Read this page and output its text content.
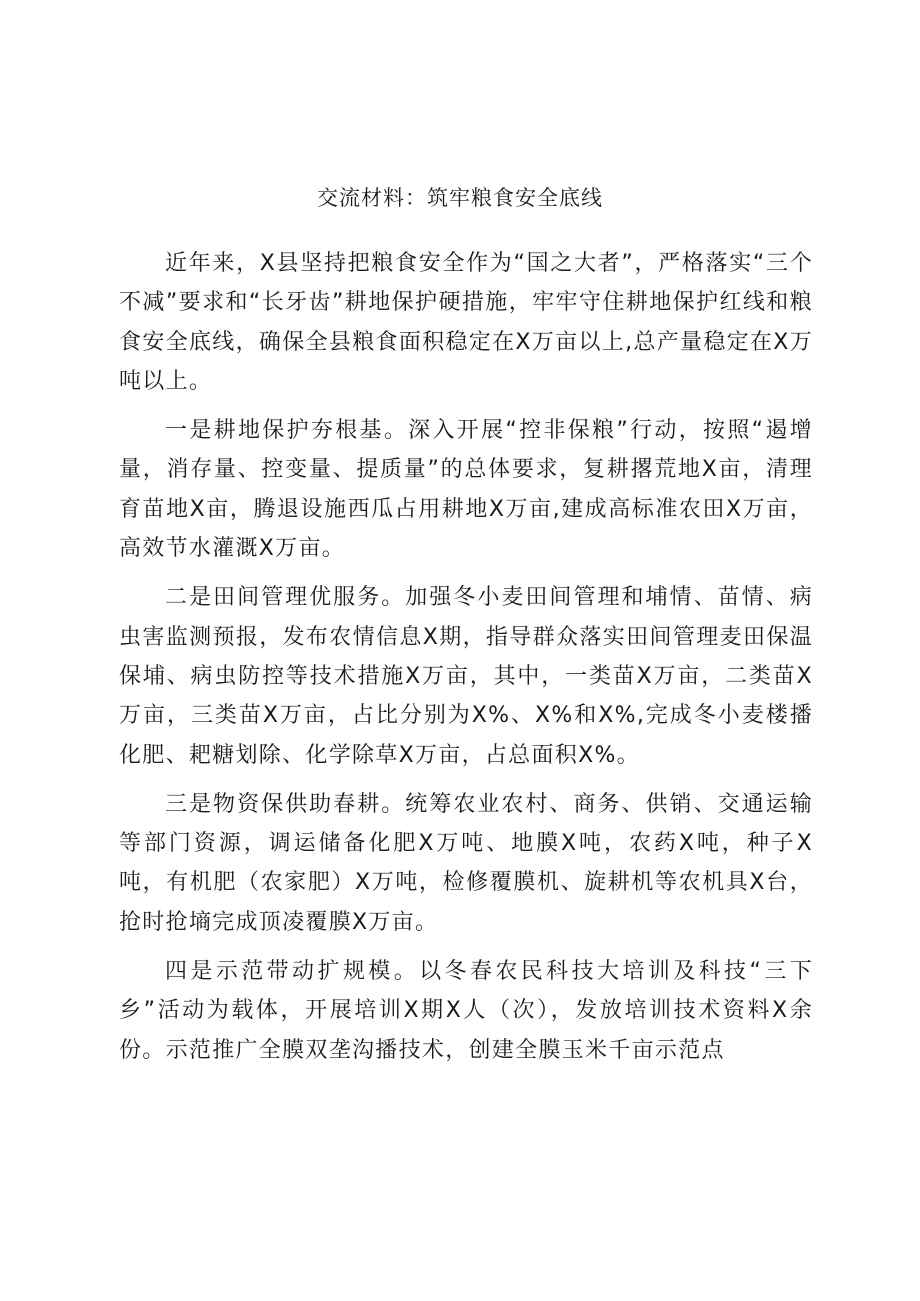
交流材料：筑牢粮食安全底线

近年来，X县坚持把粮食安全作为“国之大者”，严格落实“三个不减”要求和“长牙齿”耕地保护硬措施，牢牢守住耕地保护红线和粮食安全底线，确保全县粮食面积稳定在X万亩以上,总产量稳定在X万吨以上。

一是耕地保护夯根基。深入开展“控非保粮”行动，按照“遏增量，消存量、控变量、提质量”的总体要求，复耕撂荒地X亩，清理育苗地X亩，腾退设施西瓜占用耕地X万亩,建成高标准农田X万亩，高效节水灌溉X万亩。

二是田间管理优服务。加强冬小麦田间管理和埔情、苗情、病虫害监测预报，发布农情信息X期，指导群众落实田间管理麦田保温保埔、病虫防控等技术措施X万亩，其中，一类苗X万亩，二类苗X万亩，三类苗X万亩，占比分别为X%、X%和X%,完成冬小麦楼播化肥、耙糖划除、化学除草X万亩，占总面积X%。

三是物资保供助春耕。统筹农业农村、商务、供销、交通运输等部门资源，调运储备化肥X万吨、地膜X吨，农药X吨，种子X吨，有机肥（农家肥）X万吨，检修覆膜机、旋耕机等农机具X台，抢时抢墒完成顶凌覆膜X万亩。

四是示范带动扩规模。以冬春农民科技大培训及科技“三下乡”活动为载体，开展培训X期X人（次），发放培训技术资料X余份。示范推广全膜双垄沟播技术，创建全膜玉米千亩示范点
